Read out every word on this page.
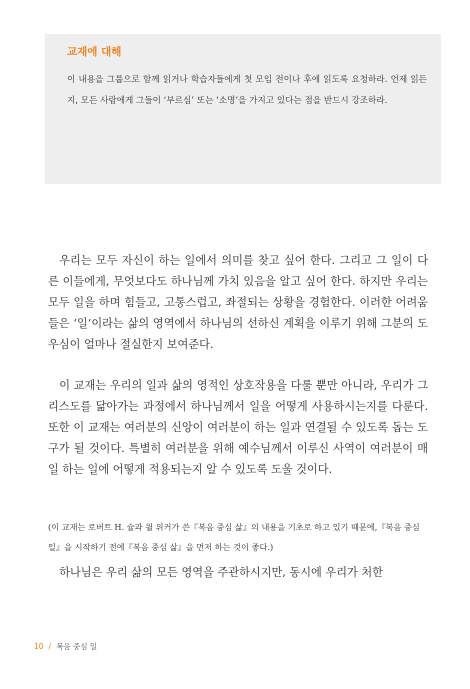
교재에 대해
이 내용을 그룹으로 함께 읽거나 학습자들에게 첫 모임 전이나 후에 읽도록 요청하라. 언제 읽든지, 모든 사람에게 그들이 ‘부르심’ 또는 ‘소명’을 가지고 있다는 점을 반드시 강조하라.
우리는 모두 자신이 하는 일에서 의미를 찾고 싶어 한다. 그리고 그 일이 다른 이들에게, 무엇보다도 하나님께 가치 있음을 알고 싶어 한다. 하지만 우리는 모두 일을 하며 힘들고, 고통스럽고, 좌절되는 상황을 경험한다. 이러한 어려움들은 ‘일’이라는 삶의 영역에서 하나님의 선하신 계획을 이루기 위해 그분의 도우심이 얼마나 절실한지 보여준다.
이 교재는 우리의 일과 삶의 영적인 상호작용을 다룰 뿐만 아니라, 우리가 그리스도를 닮아가는 과정에서 하나님께서 일을 어떻게 사용하시는지를 다룬다. 또한 이 교재는 여러분의 신앙이 여러분이 하는 일과 연결될 수 있도록 돕는 도구가 될 것이다. 특별히 여러분을 위해 예수님께서 이루신 사역이 여러분이 매일 하는 일에 어떻게 적용되는지 알 수 있도록 도울 것이다.
(이 교재는 로버트 H. 슐과 윌 위커가 쓴『복음 중심 삶』의 내용을 기초로 하고 있기 때문에,『복음 중심 일』을 시작하기 전에『복음 중심 삶』을 먼저 하는 것이 좋다.)
하나님은 우리 삶의 모든 영역을 주관하시지만, 동시에 우리가 처한
10 / 복음 중심 일
